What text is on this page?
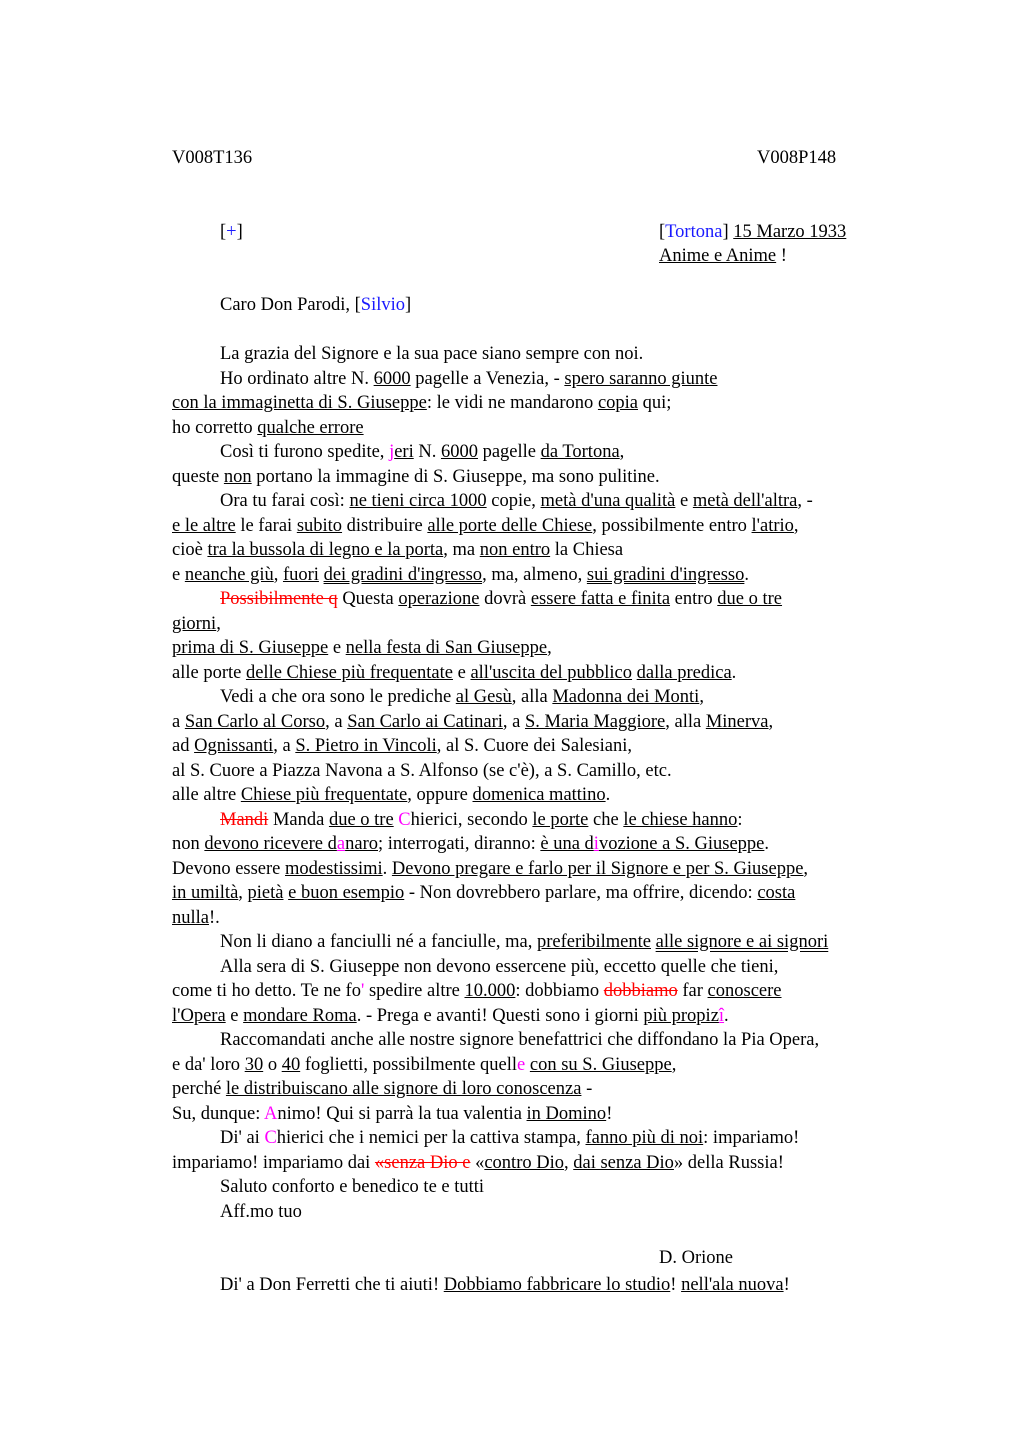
V008T136	V008P148
[+]	[Tortona] 15 Marzo 1933
Anime e Anime !
Caro Don Parodi, [Silvio]
La grazia del Signore e la sua pace siano sempre con noi.
Ho ordinato altre N. 6000 pagelle a Venezia, - spero saranno giunte
con la immaginetta di S. Giuseppe: le vidi ne mandarono copia qui;
ho corretto qualche errore
Così ti furono spedite, jeri N. 6000 pagelle da Tortona,
queste non portano la immagine di S. Giuseppe, ma sono pulitine.
Ora tu farai così: ne tieni circa 1000 copie, metà d'una qualità e metà dell'altra, -
e le altre le farai subito distribuire alle porte delle Chiese, possibilmente entro l'atrio,
cioè tra la bussola di legno e la porta, ma non entro la Chiesa
e neanche giù, fuori dei gradini d'ingresso, ma, almeno, sui gradini d'ingresso.
Possibilmente q Questa operazione dovrà essere fatta e finita entro due o tre
giorni,
prima di S. Giuseppe e nella festa di San Giuseppe,
alle porte delle Chiese più frequentate e all'uscita del pubblico dalla predica.
Vedi a che ora sono le prediche al Gesù, alla Madonna dei Monti,
a San Carlo al Corso, a San Carlo ai Catinari, a S. Maria Maggiore, alla Minerva,
ad Ognissanti, a S. Pietro in Vincoli, al S. Cuore dei Salesiani,
al S. Cuore a Piazza Navona a S. Alfonso (se c'è), a S. Camillo, etc.
alle altre Chiese più frequentate, oppure domenica mattino.
Mandi Manda due o tre Chierici, secondo le porte che le chiese hanno:
non devono ricevere danaro; interrogati, diranno: è una divozione a S. Giuseppe.
Devono essere modestissimi. Devono pregare e farlo per il Signore e per S. Giuseppe,
in umiltà, pietà e buon esempio - Non dovrebbero parlare, ma offrire, dicendo: costa
nulla!.
Non li diano a fanciulli né a fanciulle, ma, preferibilmente alle signore e ai signori
Alla sera di S. Giuseppe non devono essercene più, eccetto quelle che tieni,
come ti ho detto. Te ne fo' spedire altre 10.000: dobbiamo dobbiamo far conoscere
l'Opera e mondare Roma. - Prega e avanti! Questi sono i giorni più propizî.
Raccomandati anche alle nostre signore benefattrici che diffondano la Pia Opera,
e da' loro 30 o 40 foglietti, possibilmente quelle con su S. Giuseppe,
perché le distribuiscano alle signore di loro conoscenza -
Su, dunque: Animo! Qui si parrà la tua valentia in Domino!
Di' ai Chierici che i nemici per la cattiva stampa, fanno più di noi: impariamo!
impariamo! impariamo dai «senza Dio e «contro Dio, dai senza Dio» della Russia!
Saluto conforto e benedico te e tutti
Aff.mo tuo
Di' a Don Ferretti che ti aiuti! Dobbiamo fabbricare lo studio! nell'ala nuova!
D. Orione
